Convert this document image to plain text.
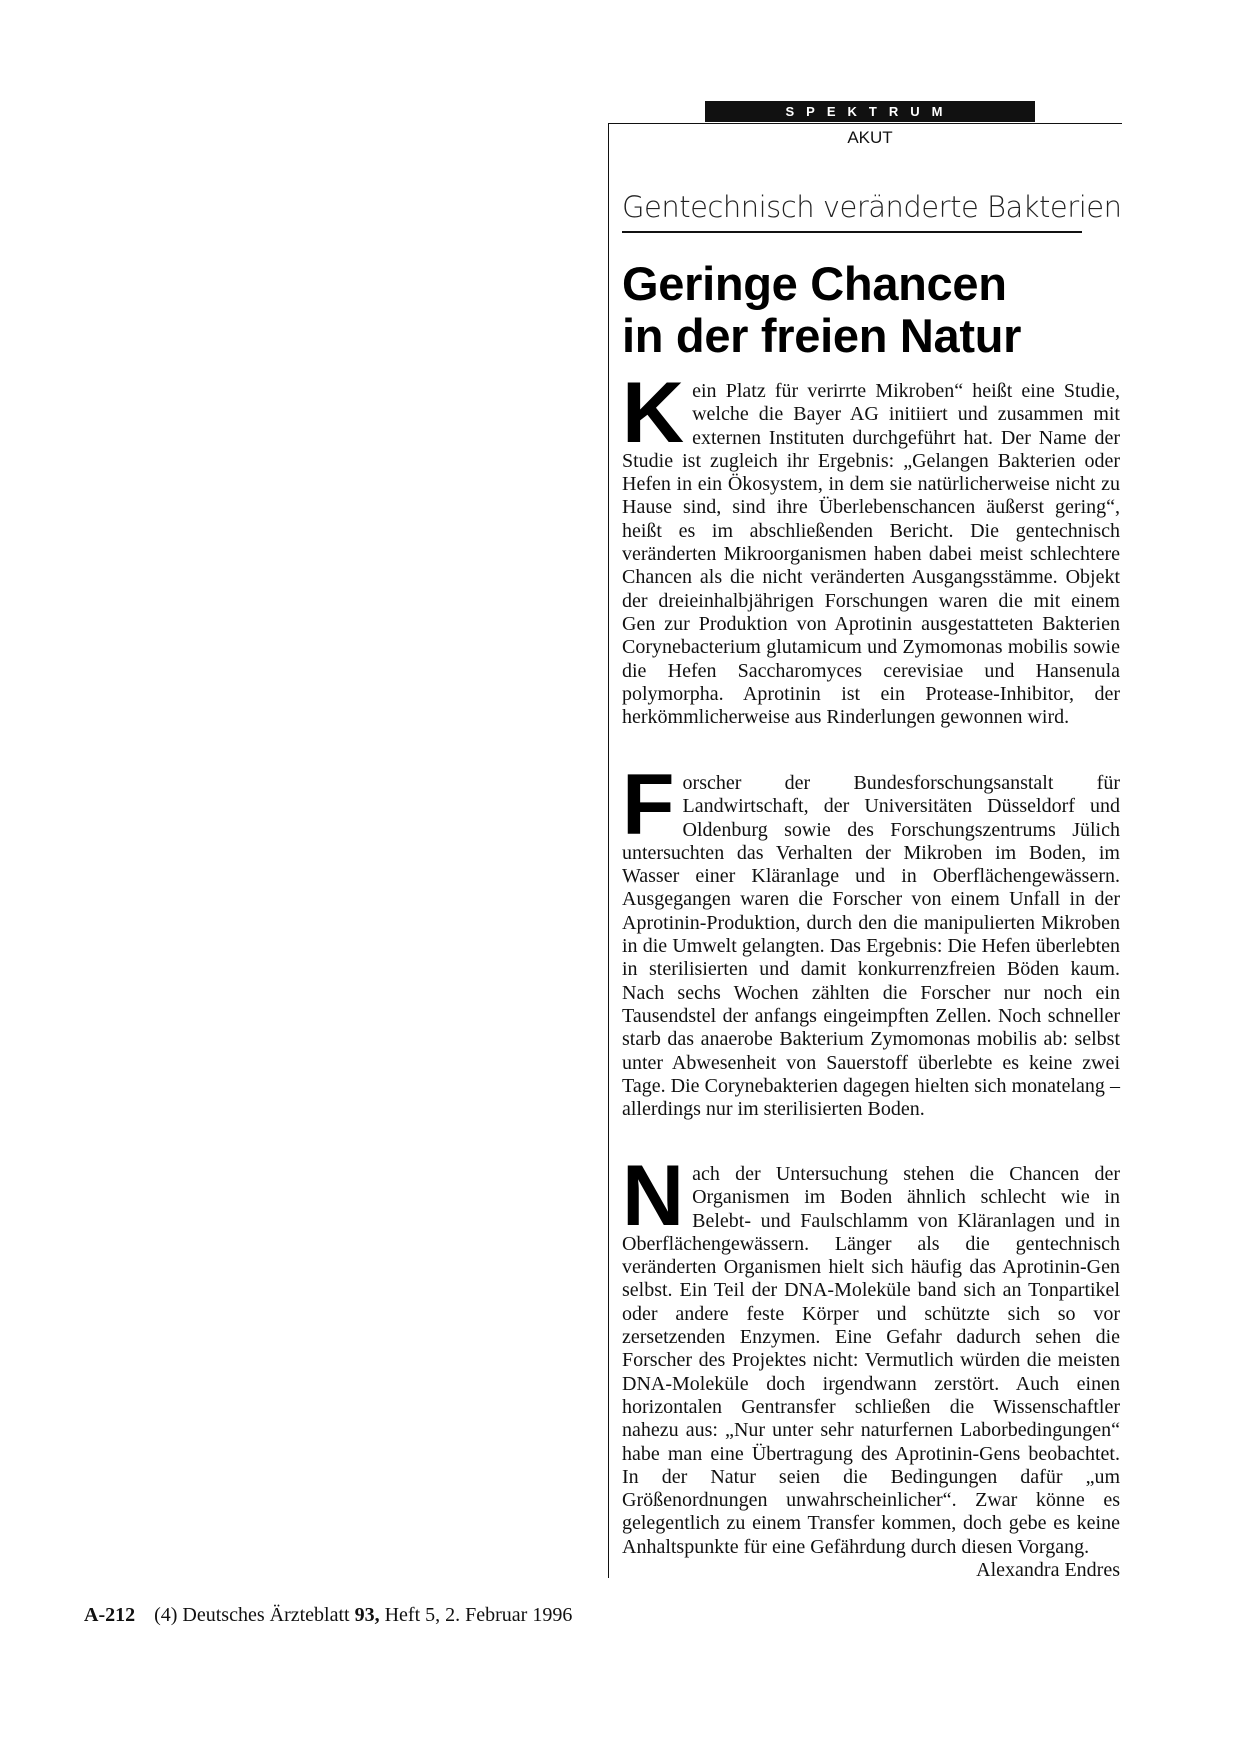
SPEKTRUM
AKUT
Gentechnisch veränderte Bakterien
Geringe Chancen
in der freien Natur
Kein Platz für verirrte Mikroben“ heißt eine Studie, welche die Bayer AG initiiert und zusammen mit externen Instituten durchgeführt hat. Der Name der Studie ist zugleich ihr Ergebnis: „Gelangen Bakterien oder Hefen in ein Ökosystem, in dem sie natürlicherweise nicht zu Hause sind, sind ihre Überlebenschancen äußerst gering“, heißt es im abschließenden Bericht. Die gentechnisch veränderten Mikroorganismen haben dabei meist schlechtere Chancen als die nicht veränderten Ausgangsstämme. Objekt der dreieinhalbjährigen Forschungen waren die mit einem Gen zur Produktion von Aprotinin ausgestatteten Bakterien Corynebacterium glutamicum und Zymomonas mobilis sowie die Hefen Saccharomyces cerevisiae und Hansenula polymorpha. Aprotinin ist ein Protease-Inhibitor, der herkömmlicherweise aus Rinderlungen gewonnen wird.
Forscher der Bundesforschungsanstalt für Landwirtschaft, der Universitäten Düsseldorf und Oldenburg sowie des Forschungszentrums Jülich untersuchten das Verhalten der Mikroben im Boden, im Wasser einer Kläranlage und in Oberflächengewässern. Ausgegangen waren die Forscher von einem Unfall in der Aprotinin-Produktion, durch den die manipulierten Mikroben in die Umwelt gelangten. Das Ergebnis: Die Hefen überlebten in sterilisierten und damit konkurrenzfreien Böden kaum. Nach sechs Wochen zählten die Forscher nur noch ein Tausendstel der anfangs eingeimpften Zellen. Noch schneller starb das anaerobe Bakterium Zymomonas mobilis ab: selbst unter Abwesenheit von Sauerstoff überlebte es keine zwei Tage. Die Corynebakterien dagegen hielten sich monatelang – allerdings nur im sterilisierten Boden.
Nach der Untersuchung stehen die Chancen der Organismen im Boden ähnlich schlecht wie in Belebt- und Faulschlamm von Kläranlagen und in Oberflächengewässern. Länger als die gentechnisch veränderten Organismen hielt sich häufig das Aprotinin-Gen selbst. Ein Teil der DNA-Moleküle band sich an Tonpartikel oder andere feste Körper und schützte sich so vor zersetzenden Enzymen. Eine Gefahr dadurch sehen die Forscher des Projektes nicht: Vermutlich würden die meisten DNA-Moleküle doch irgendwann zerstört. Auch einen horizontalen Gentransfer schließen die Wissenschaftler nahezu aus: „Nur unter sehr naturfernen Laborbedingungen“ habe man eine Übertragung des Aprotinin-Gens beobachtet. In der Natur seien die Bedingungen dafür „um Größenordnungen unwahrscheinlicher“. Zwar könne es gelegentlich zu einem Transfer kommen, doch gebe es keine Anhaltspunkte für eine Gefährdung durch diesen Vorgang.
Alexandra Endres
A-212 (4) Deutsches Ärzteblatt 93, Heft 5, 2. Februar 1996
